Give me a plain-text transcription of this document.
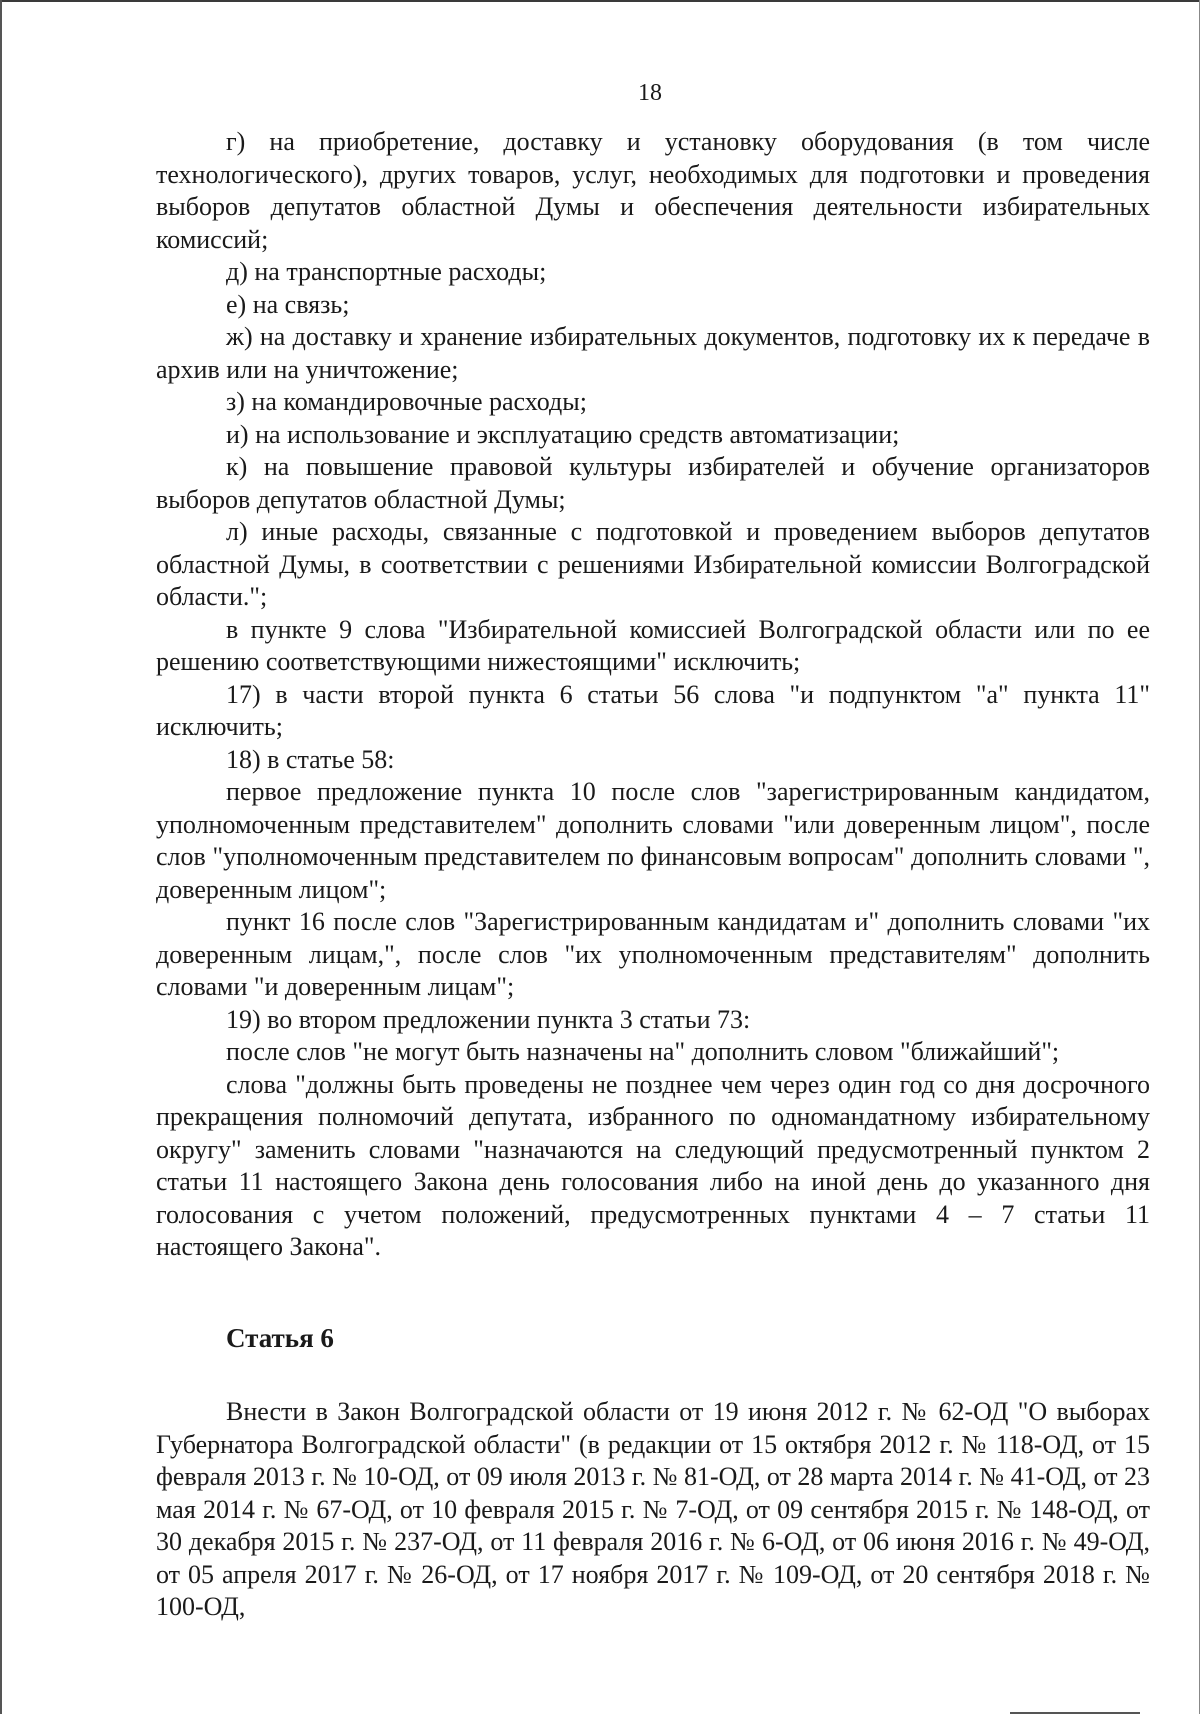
18

г) на приобретение, доставку и установку оборудования (в том числе технологического), других товаров, услуг, необходимых для подготовки и проведения выборов депутатов областной Думы и обеспечения деятельности избирательных комиссий;

д) на транспортные расходы;

е) на связь;

ж) на доставку и хранение избирательных документов, подготовку их к передаче в архив или на уничтожение;

з) на командировочные расходы;

и) на использование и эксплуатацию средств автоматизации;

к) на повышение правовой культуры избирателей и обучение организаторов выборов депутатов областной Думы;

л) иные расходы, связанные с подготовкой и проведением выборов депутатов областной Думы, в соответствии с решениями Избирательной комиссии Волгоградской области.";

в пункте 9 слова "Избирательной комиссией Волгоградской области или по ее решению соответствующими нижестоящими" исключить;

17) в части второй пункта 6 статьи 56 слова "и подпунктом "а" пункта 11" исключить;

18) в статье 58:

первое предложение пункта 10 после слов "зарегистрированным кандидатом, уполномоченным представителем" дополнить словами "или доверенным лицом", после слов "уполномоченным представителем по финансовым вопросам" дополнить словами ", доверенным лицом";

пункт 16 после слов "Зарегистрированным кандидатам и" дополнить словами "их доверенным лицам,", после слов "их уполномоченным представителям" дополнить словами "и доверенным лицам";

19) во втором предложении пункта 3 статьи 73:

после слов "не могут быть назначены на" дополнить словом "ближайший";

слова "должны быть проведены не позднее чем через один год со дня досрочного прекращения полномочий депутата, избранного по одномандатному избирательному округу" заменить словами "назначаются на следующий предусмотренный пунктом 2 статьи 11 настоящего Закона день голосования либо на иной день до указанного дня голосования с учетом положений, предусмотренных пунктами 4 – 7 статьи 11 настоящего Закона".

Статья 6

Внести в Закон Волгоградской области от 19 июня 2012 г. № 62-ОД "О выборах Губернатора Волгоградской области" (в редакции от 15 октября 2012 г. № 118-ОД, от 15 февраля 2013 г. № 10-ОД, от 09 июля 2013 г. № 81-ОД, от 28 марта 2014 г. № 41-ОД, от 23 мая 2014 г. № 67-ОД, от 10 февраля 2015 г. № 7-ОД, от 09 сентября 2015 г. № 148-ОД, от 30 декабря 2015 г. № 237-ОД, от 11 февраля 2016 г. № 6-ОД, от 06 июня 2016 г. № 49-ОД, от 05 апреля 2017 г. № 26-ОД, от 17 ноября 2017 г. № 109-ОД, от 20 сентября 2018 г. № 100-ОД,
